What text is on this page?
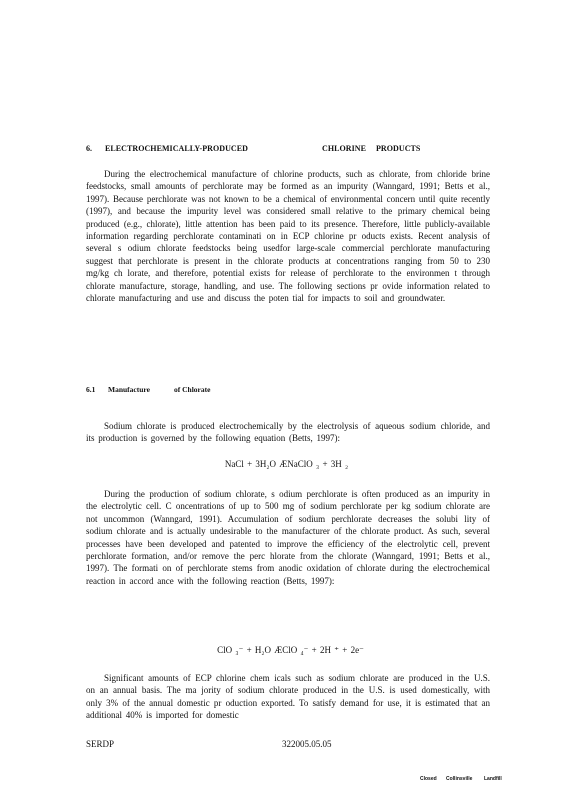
6. ELECTROCHEMICALLY-PRODUCED	CHLORINE PRODUCTS

During the electrochemical manufacture of chlorine products, such as chlorate, from chloride brine feedstocks, small amounts of perchlorate may be formed as an impurity (Wanngard, 1991; Betts et al., 1997). Because perchlorate was not known to be a chemical of environmental concern until quite recently (1997), and because the impurity level was considered small relative to the primary chemical being produced (e.g., chlorate), little attention has been paid to its presence. Therefore, little publicly-available information regarding perchlorate contaminati on in ECP chlorine pr oducts exists. Recent analysis of several s odium chlorate feedstocks being usedfor large-scale commercial perchlorate manufacturing suggest that perchlorate is present in the chlorate products at concentrations ranging from 50 to 230 mg/kg ch lorate, and therefore, potential exists for release of perchlorate to the environmen t through chlorate manufacture, storage, handling, and use. The following sections pr ovide information related to chlorate manufacturing and use and discuss the poten tial for impacts to soil and groundwater.

6.1 Manufacture	of Chlorate

Sodium chlorate is produced electrochemically by the electrolysis of aqueous sodium chloride, and its production is governed by the following equation (Betts, 1997):

NaCl + 3H₂O ÆNaClO ₃ + 3H ₂

During the production of sodium chlorate, s odium perchlorate is often produced as an impurity in the electrolytic cell. C oncentrations of up to 500 mg of sodium perchlorate per kg sodium chlorate are not uncommon (Wanngard, 1991). Accumulation of sodium perchlorate decreases the solubi lity of sodium chlorate and is actually undesirable to the manufacturer of the chlorate product. As such, several processes have been developed and patented to improve the efficiency of the electrolytic cell, prevent perchlorate formation, and/or remove the perc hlorate from the chlorate (Wanngard, 1991; Betts et al., 1997). The formati on of perchlorate stems from anodic oxidation of chlorate during the electrochemical reaction in accord ance with the following reaction (Betts, 1997):

ClO ₃⁻ + H₂O ÆClO ₄⁻ + 2H ⁺ + 2e⁻

Significant amounts of ECP chlorine chem icals such as sodium chlorate are produced in the U.S. on an annual basis. The ma jority of sodium chlorate produced in the U.S. is used domestically, with only 3% of the annual domestic pr oduction exported. To satisfy demand for use, it is estimated that an additional 40% is imported for domestic

SERDP	322005.05.05
Closed Collinsville Landfill
